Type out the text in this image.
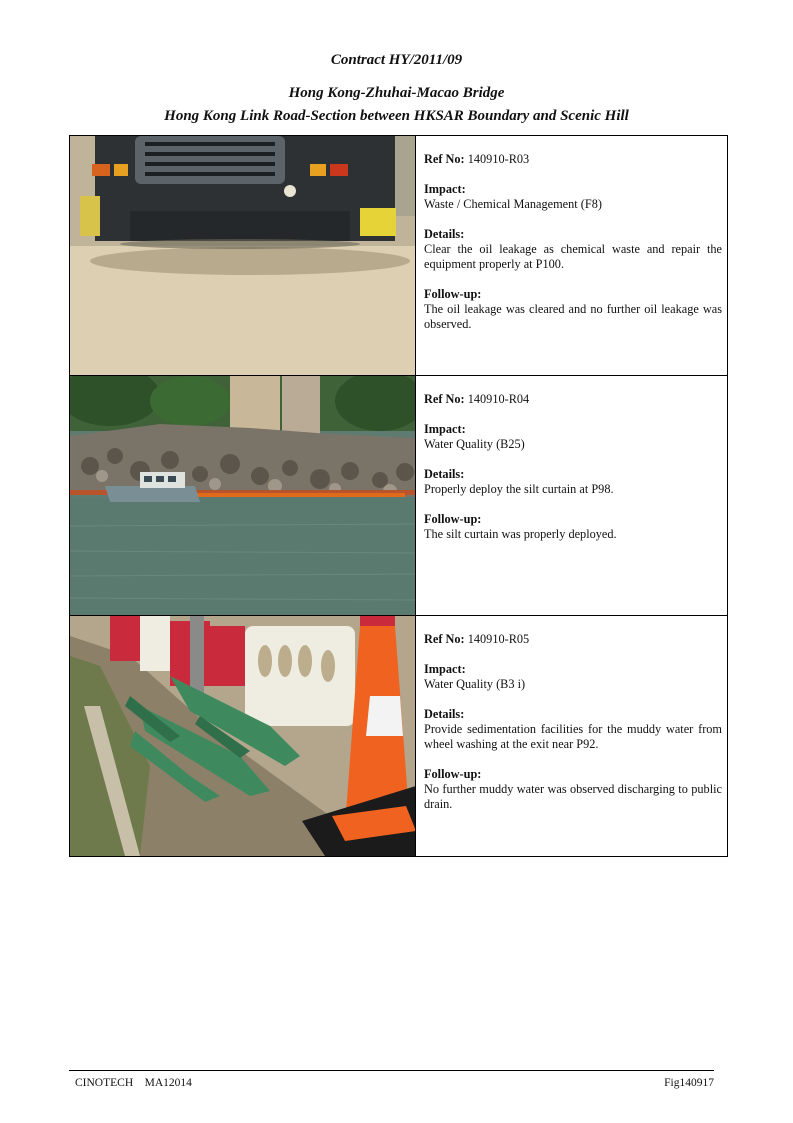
Contract HY/2011/09
Hong Kong-Zhuhai-Macao Bridge
Hong Kong Link Road-Section between HKSAR Boundary and Scenic Hill

Ref No: 140910-R03

Impact:
Waste / Chemical Management (F8)

Details:
Clear the oil leakage as chemical waste and repair the equipment properly at P100.

Follow-up:
The oil leakage was cleared and no further oil leakage was observed.

Ref No: 140910-R04

Impact:
Water Quality (B25)

Details:
Properly deploy the silt curtain at P98.

Follow-up:
The silt curtain was properly deployed.

Ref No: 140910-R05

Impact:
Water Quality (B3 i)

Details:
Provide sedimentation facilities for the muddy water from wheel washing at the exit near P92.

Follow-up:
No further muddy water was observed discharging to public drain.

CINOTECH    MA12014	Fig140917
